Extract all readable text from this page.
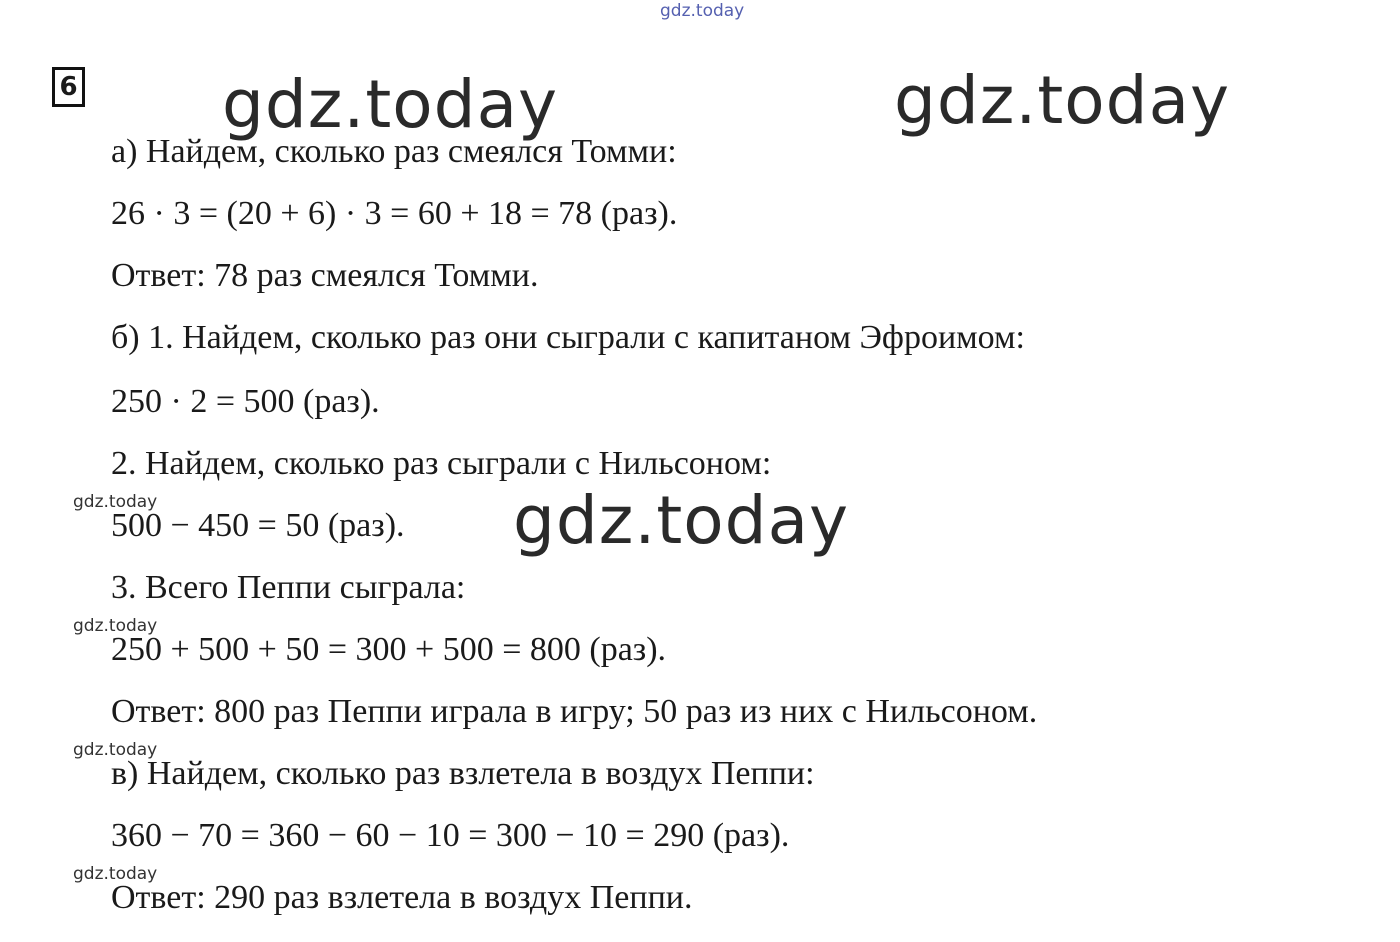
gdz.today
gdz.today	gdz.today
6
а) Найдем, сколько раз смеялся Томми:
26 · 3 = (20 + 6) · 3 = 60 + 18 = 78 (раз).
Ответ: 78 раз смеялся Томми.
б) 1. Найдем, сколько раз они сыграли с капитаном Эфроимом:
250 · 2 = 500 (раз).
2. Найдем, сколько раз сыграли с Нильсоном:
500 − 450 = 50 (раз).
3. Всего Пеппи сыграла:
250 + 500 + 50 = 300 + 500 = 800 (раз).
Ответ: 800 раз Пеппи играла в игру; 50 раз из них с Нильсоном.
в) Найдем, сколько раз взлетела в воздух Пеппи:
360 − 70 = 360 − 60 − 10 = 300 − 10 = 290 (раз).
Ответ: 290 раз взлетела в воздух Пеппи.
gdz.today
gdz.today
gdz.today
gdz.today
gdz.today
